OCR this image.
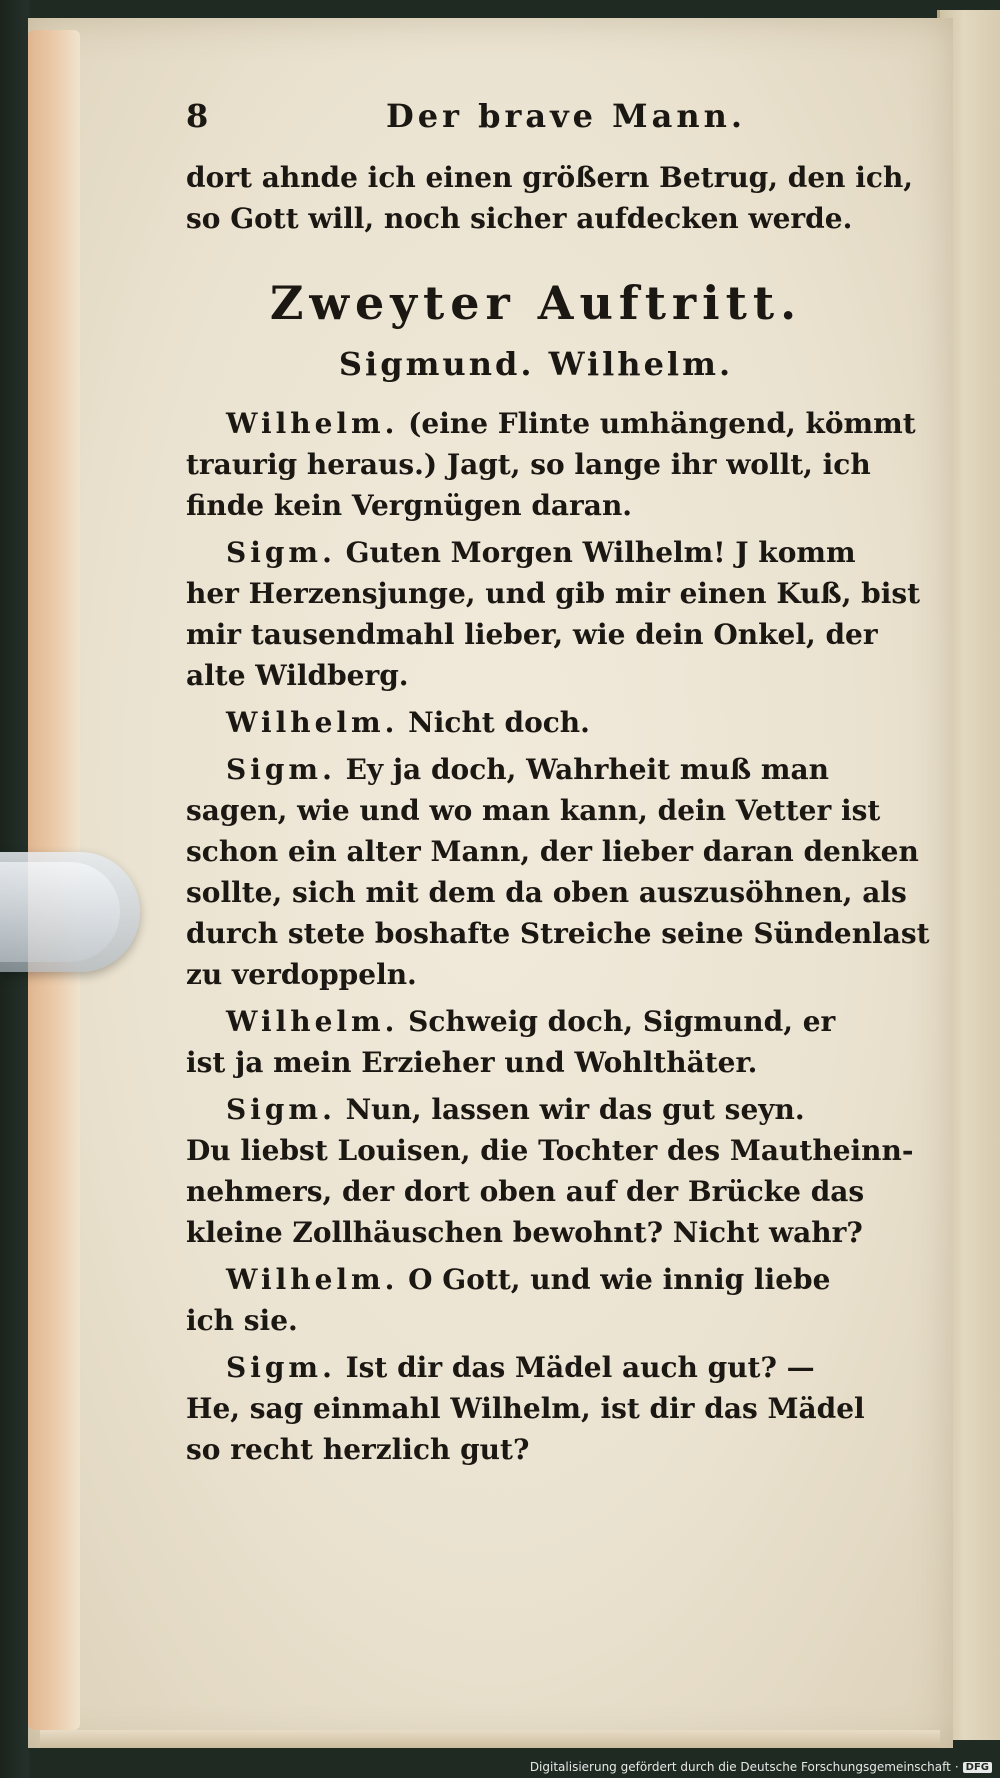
8	Der brave Mann.
dort ahnde ich einen größern Betrug, den ich,
so Gott will, noch sicher aufdecken werde.
Zweyter Auftritt.
Sigmund. Wilhelm.
Wilhelm. (eine Flinte umhängend, kömmt
traurig heraus.) Jagt, so lange ihr wollt, ich
finde kein Vergnügen daran.
Sigm. Guten Morgen Wilhelm! J komm
her Herzensjunge, und gib mir einen Kuß, bist
mir tausendmahl lieber, wie dein Onkel, der
alte Wildberg.
Wilhelm. Nicht doch.
Sigm. Ey ja doch, Wahrheit muß man
sagen, wie und wo man kann, dein Vetter ist
schon ein alter Mann, der lieber daran denken
sollte, sich mit dem da oben auszusöhnen, als
durch stete boshafte Streiche seine Sündenlast
zu verdoppeln.
Wilhelm. Schweig doch, Sigmund, er
ist ja mein Erzieher und Wohlthäter.
Sigm. Nun, lassen wir das gut seyn.
Du liebst Louisen, die Tochter des Mautheinn-
nehmers, der dort oben auf der Brücke das
kleine Zollhäuschen bewohnt? Nicht wahr?
Wilhelm. O Gott, und wie innig liebe
ich sie.
Sigm. Ist dir das Mädel auch gut? —
He, sag einmahl Wilhelm, ist dir das Mädel
so recht herzlich gut?
Digitalisierung gefördert durch die Deutsche Forschungsgemeinschaft · DFG
